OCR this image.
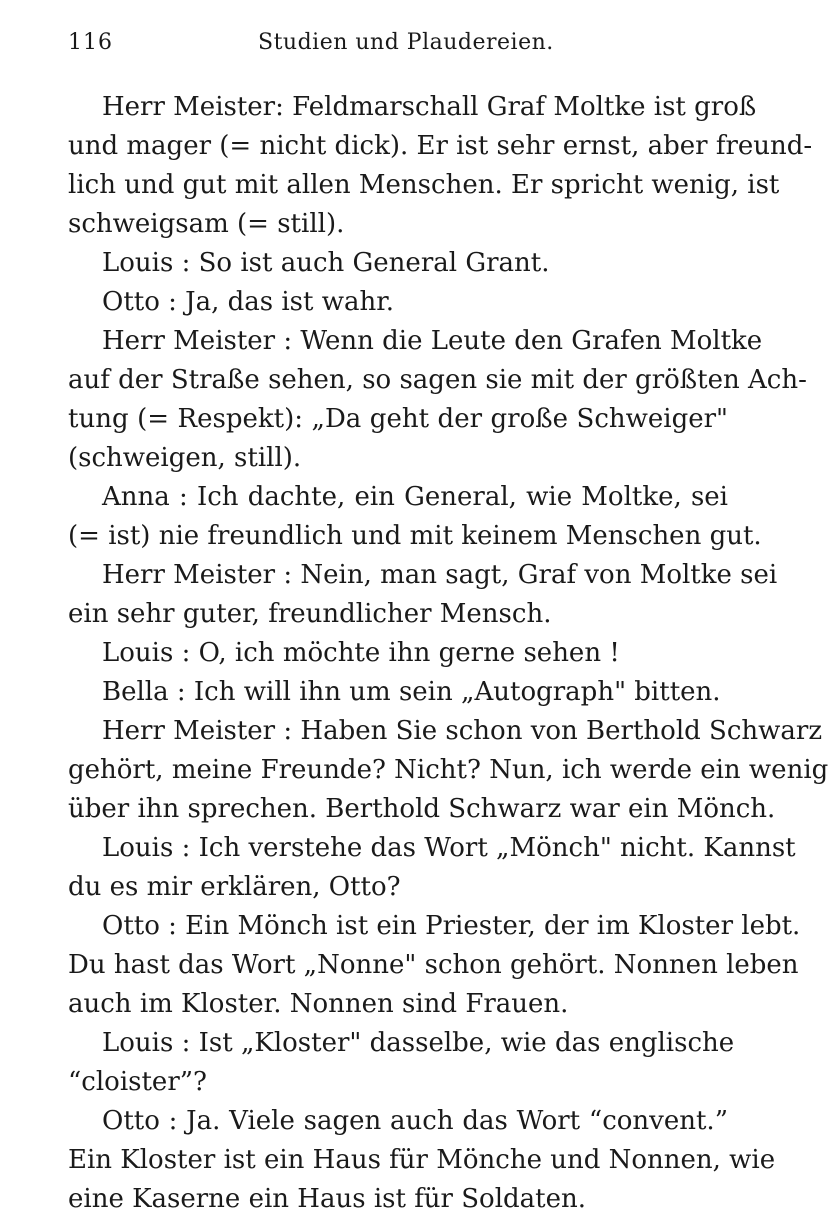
116	Studien und Plaudereien.
Herr Meister: Feldmarschall Graf Moltke ist groß
und mager (= nicht dick). Er ist sehr ernst, aber freund-
lich und gut mit allen Menschen. Er spricht wenig, ist
schweigsam (= still).
Louis : So ist auch General Grant.
Otto : Ja, das ist wahr.
Herr Meister : Wenn die Leute den Grafen Moltke
auf der Straße sehen, so sagen sie mit der größten Ach-
tung (= Respekt): „Da geht der große Schweiger"
(schweigen, still).
Anna : Ich dachte, ein General, wie Moltke, sei
(= ist) nie freundlich und mit keinem Menschen gut.
Herr Meister : Nein, man sagt, Graf von Moltke sei
ein sehr guter, freundlicher Mensch.
Louis : O, ich möchte ihn gerne sehen !
Bella : Ich will ihn um sein „Autograph" bitten.
Herr Meister : Haben Sie schon von Berthold Schwarz
gehört, meine Freunde? Nicht? Nun, ich werde ein wenig
über ihn sprechen. Berthold Schwarz war ein Mönch.
Louis : Ich verstehe das Wort „Mönch" nicht. Kannst
du es mir erklären, Otto?
Otto : Ein Mönch ist ein Priester, der im Kloster lebt.
Du hast das Wort „Nonne" schon gehört. Nonnen leben
auch im Kloster. Nonnen sind Frauen.
Louis : Ist „Kloster" dasselbe, wie das englische
“cloister”?
Otto : Ja. Viele sagen auch das Wort “convent.”
Ein Kloster ist ein Haus für Mönche und Nonnen, wie
eine Kaserne ein Haus ist für Soldaten.
